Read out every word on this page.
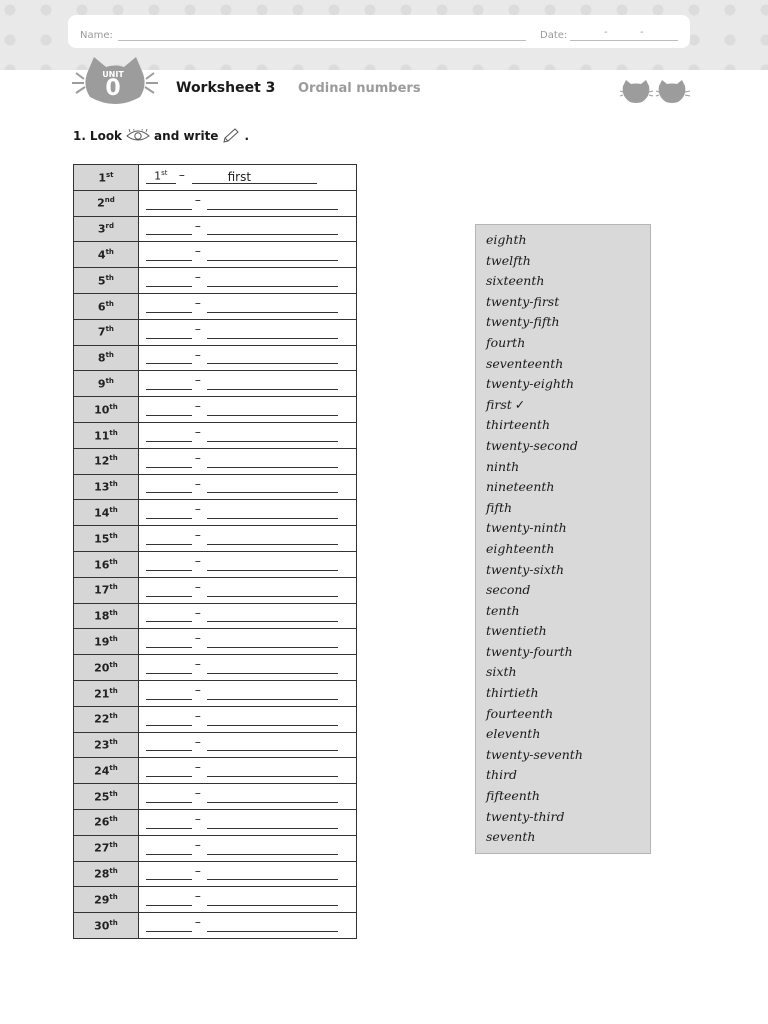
Name:	Date:	-	-
UNIT
0	Worksheet 3 Ordinal numbers
1. Look	and write .
1st	1st – first

2nd	–

3rd	–

4th	–

5th	–

6th	–

7th	–

8th	–

9th	–

10th	–

11th	–

12th	–

13th	–

14th	–

15th	–

16th	–

17th	–

18th	–

19th	–

20th	–

21th	–

22th	–

23th	–

24th	–

25th	–

26th	–

27th	–

28th	–

29th	–

30th	–
eighth
twelfth
sixteenth
twenty-first
twenty-fifth
fourth
seventeenth
twenty-eighth
first ✓
thirteenth
twenty-second
ninth
nineteenth
fifth
twenty-ninth
eighteenth
twenty-sixth
second
tenth
twentieth
twenty-fourth
sixth
thirtieth
fourteenth
eleventh
twenty-seventh
third
fifteenth
twenty-third
seventh
